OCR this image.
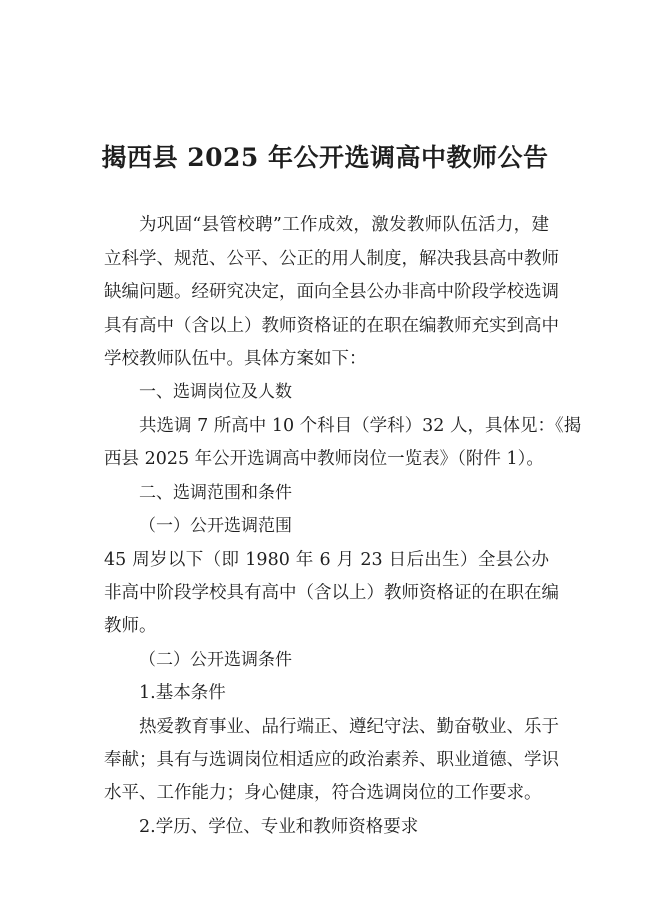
揭西县 2025 年公开选调高中教师公告
为巩固“县管校聘”工作成效，激发教师队伍活力，建
立科学、规范、公平、公正的用人制度，解决我县高中教师
缺编问题。经研究决定，面向全县公办非高中阶段学校选调
具有高中（含以上）教师资格证的在职在编教师充实到高中
学校教师队伍中。具体方案如下：
一、选调岗位及人数
共选调 7 所高中 10 个科目（学科）32 人，具体见：《揭
西县 2025 年公开选调高中教师岗位一览表》（附件 1）。
二、选调范围和条件
（一）公开选调范围
45 周岁以下（即 1980 年 6 月 23 日后出生）全县公办
非高中阶段学校具有高中（含以上）教师资格证的在职在编
教师。
（二）公开选调条件
1.基本条件
热爱教育事业、品行端正、遵纪守法、勤奋敬业、乐于
奉献；具有与选调岗位相适应的政治素养、职业道德、学识
水平、工作能力；身心健康，符合选调岗位的工作要求。
2.学历、学位、专业和教师资格要求
